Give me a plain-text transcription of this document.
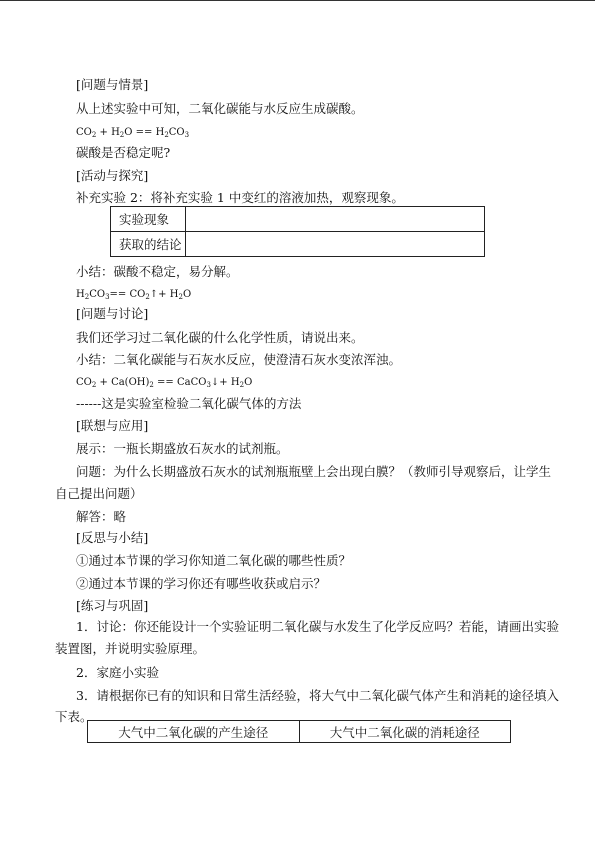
[问题与情景]
从上述实验中可知，二氧化碳能与水反应生成碳酸。
$CO_2 + H_2O == H_2CO_3$
碳酸是否稳定呢?
[活动与探究]
补充实验 2：将补充实验 1 中变红的溶液加热，观察现象。
实验现象	
获取的结论	
小结：碳酸不稳定，易分解。
$H_2CO_3==$ $CO_2↑+ H_2O$
[问题与讨论]
我们还学习过二氧化碳的什么化学性质，请说出来。
小结：二氧化碳能与石灰水反应，使澄清石灰水变浓浑浊。
$CO_2 + Ca(OH)_2$ == CaCO$_3$↓+ $H_2O$
------这是实验室检验二氧化碳气体的方法
[联想与应用]
展示：一瓶长期盛放石灰水的试剂瓶。
问题：为什么长期盛放石灰水的试剂瓶瓶壁上会出现白膜？（教师引导观察后，让学生
自己提出问题）
解答：略
[反思与小结]
①通过本节课的学习你知道二氧化碳的哪些性质？
②通过本节课的学习你还有哪些收获或启示？
[练习与巩固]
1．讨论：你还能设计一个实验证明二氧化碳与水发生了化学反应吗？若能，请画出实验
装置图，并说明实验原理。
2．家庭小实验
3．请根据你已有的知识和日常生活经验，将大气中二氧化碳气体产生和消耗的途径填入
下表。
大气中二氧化碳的产生途径	大气中二氧化碳的消耗途径
